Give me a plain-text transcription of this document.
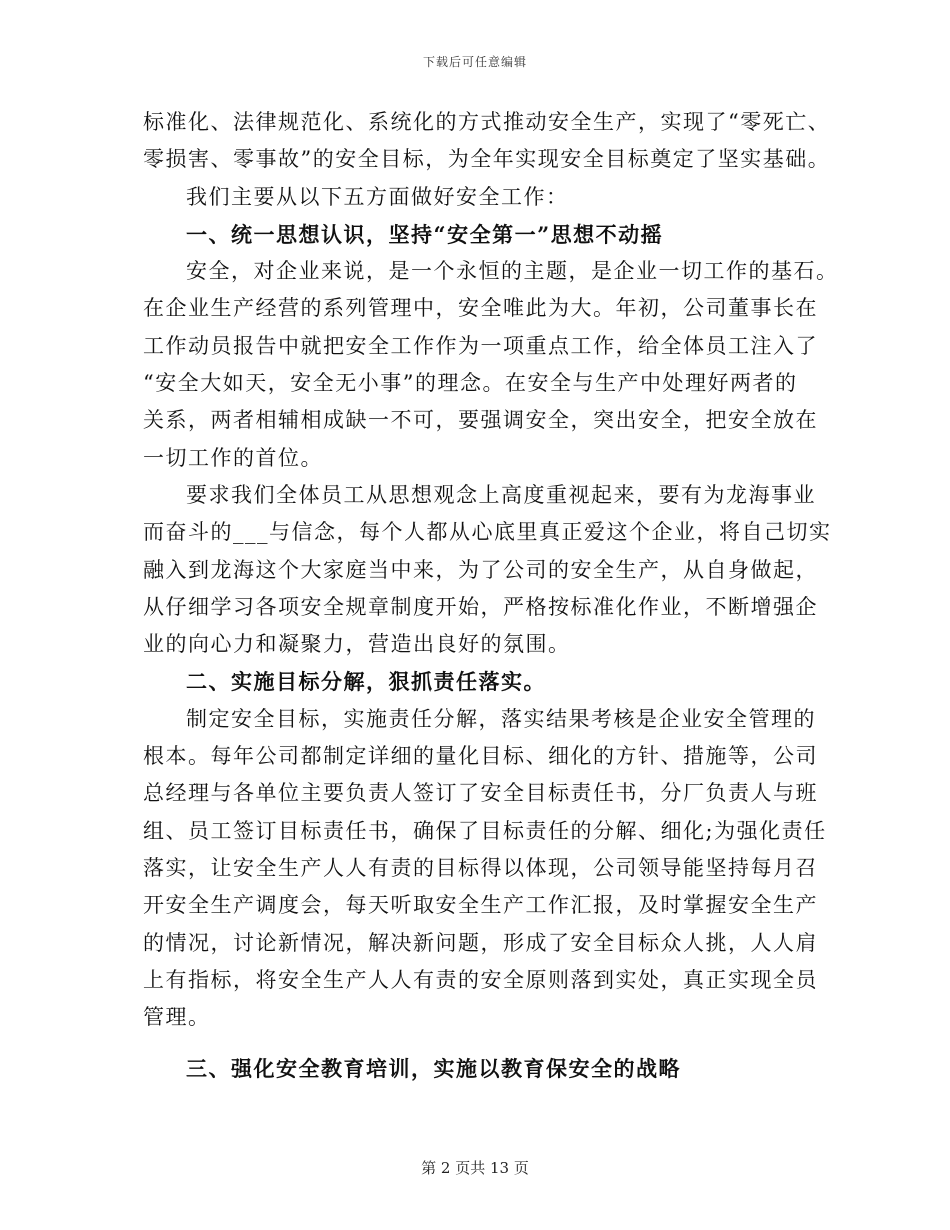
下载后可任意编辑
标准化、法律规范化、系统化的方式推动安全生产，实现了“零死亡、
零损害、零事故”的安全目标，为全年实现安全目标奠定了坚实基础。
我们主要从以下五方面做好安全工作：
一、统一思想认识，坚持“安全第一”思想不动摇
安全，对企业来说，是一个永恒的主题，是企业一切工作的基石。
在企业生产经营的系列管理中，安全唯此为大。年初，公司董事长在
工作动员报告中就把安全工作作为一项重点工作，给全体员工注入了
“安全大如天，安全无小事”的理念。在安全与生产中处理好两者的
关系，两者相辅相成缺一不可，要强调安全，突出安全，把安全放在
一切工作的首位。
要求我们全体员工从思想观念上高度重视起来，要有为龙海事业
而奋斗的___与信念，每个人都从心底里真正爱这个企业，将自己切实
融入到龙海这个大家庭当中来，为了公司的安全生产，从自身做起，
从仔细学习各项安全规章制度开始，严格按标准化作业，不断增强企
业的向心力和凝聚力，营造出良好的氛围。
二、实施目标分解，狠抓责任落实。
制定安全目标，实施责任分解，落实结果考核是企业安全管理的
根本。每年公司都制定详细的量化目标、细化的方针、措施等，公司
总经理与各单位主要负责人签订了安全目标责任书，分厂负责人与班
组、员工签订目标责任书，确保了目标责任的分解、细化;为强化责任
落实，让安全生产人人有责的目标得以体现，公司领导能坚持每月召
开安全生产调度会，每天听取安全生产工作汇报，及时掌握安全生产
的情况，讨论新情况，解决新问题，形成了安全目标众人挑，人人肩
上有指标，将安全生产人人有责的安全原则落到实处，真正实现全员
管理。
三、强化安全教育培训，实施以教育保安全的战略
第 2 页共 13 页
